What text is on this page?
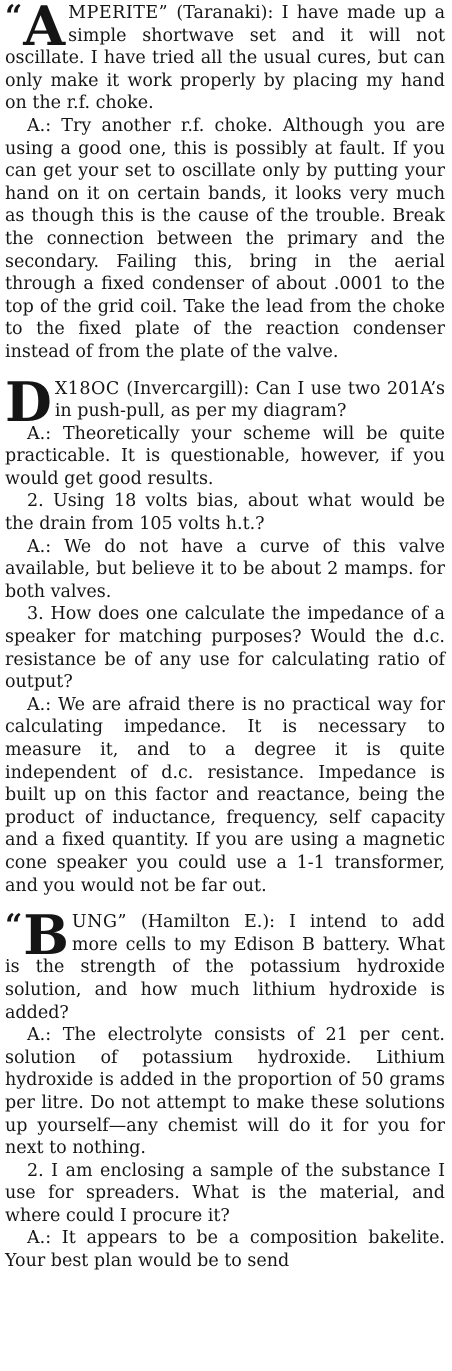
“ A MPERITE” (Taranaki): I have made up a simple shortwave set and it will not oscillate. I have tried all the usual cures, but can only make it work properly by placing my hand on the r.f. choke.

A.: Try another r.f. choke. Although you are using a good one, this is possibly at fault. If you can get your set to oscillate only by putting your hand on it on certain bands, it looks very much as though this is the cause of the trouble. Break the connection between the primary and the secondary. Failing this, bring in the aerial through a fixed condenser of about .0001 to the top of the grid coil. Take the lead from the choke to the fixed plate of the reaction condenser instead of from the plate of the valve.

D X18OC (Invercargill): Can I use two 201A’s in push-pull, as per my diagram?

A.: Theoretically your scheme will be quite practicable. It is questionable, however, if you would get good results.

2. Using 18 volts bias, about what would be the drain from 105 volts h.t.?

A.: We do not have a curve of this valve available, but believe it to be about 2 mamps. for both valves.

3. How does one calculate the impedance of a speaker for matching purposes? Would the d.c. resistance be of any use for calculating ratio of output?

A.: We are afraid there is no practical way for calculating impedance. It is necessary to measure it, and to a degree it is quite independent of d.c. resistance. Impedance is built up on this factor and reactance, being the product of inductance, frequency, self capacity and a fixed quantity. If you are using a magnetic cone speaker you could use a 1-1 transformer, and you would not be far out.

“ B UNG” (Hamilton E.): I intend to add more cells to my Edison B battery. What is the strength of the potassium hydroxide solution, and how much lithium hydroxide is added?

A.: The electrolyte consists of 21 per cent. solution of potassium hydroxide. Lithium hydroxide is added in the proportion of 50 grams per litre. Do not attempt to make these solutions up yourself—any chemist will do it for you for next to nothing.

2. I am enclosing a sample of the substance I use for spreaders. What is the material, and where could I procure it?

A.: It appears to be a composition bakelite. Your best plan would be to send
